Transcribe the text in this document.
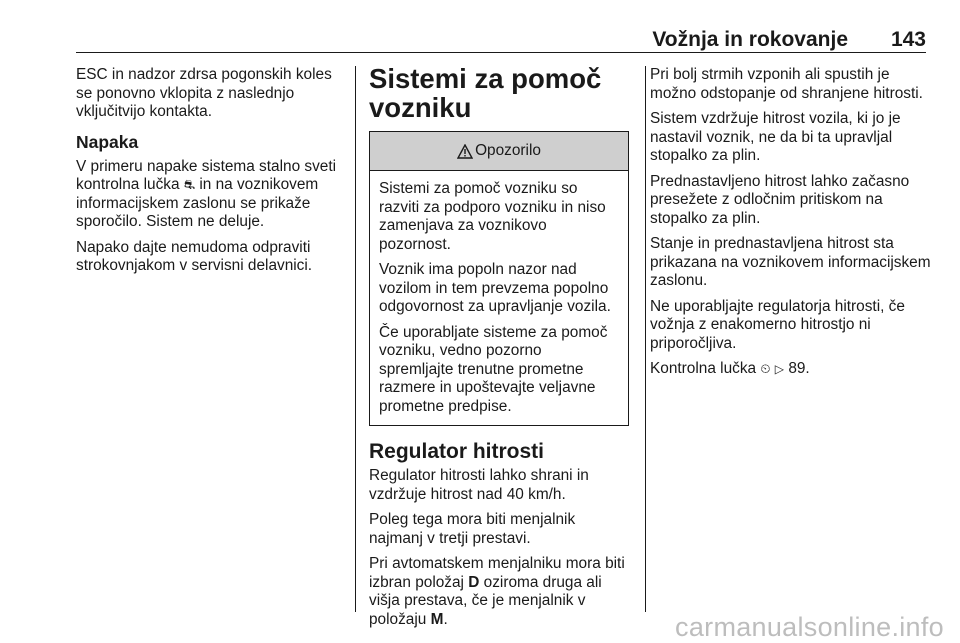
Vožnja in rokovanje 143

ESC in nadzor zdrsa pogonskih koles se ponovno vklopita z naslednjo vključitvijo kontakta.

Napaka

V primeru napake sistema stalno sveti kontrolna lučka ⛐ in na voznikovem informacijskem zaslonu se prikaže sporočilo. Sistem ne deluje.

Napako dajte nemudoma odpraviti strokovnjakom v servisni delavnici.

Sistemi za pomoč vozniku
Opozorilo

Sistemi za pomoč vozniku so razviti za podporo vozniku in niso zamenjava za voznikovo pozornost.

Voznik ima popoln nazor nad vozilom in tem prevzema popolno odgovornost za upravljanje vozila.

Če uporabljate sisteme za pomoč vozniku, vedno pozorno spremljajte trenutne prometne razmere in upoštevajte veljavne prometne predpise.

Regulator hitrosti

Regulator hitrosti lahko shrani in vzdržuje hitrost nad 40 km/h.

Poleg tega mora biti menjalnik najmanj v tretji prestavi.

Pri avtomatskem menjalniku mora biti izbran položaj D oziroma druga ali višja prestava, če je menjalnik v položaju M.

Pri bolj strmih vzponih ali spustih je možno odstopanje od shranjene hitrosti.

Sistem vzdržuje hitrost vozila, ki jo je nastavil voznik, ne da bi ta upravljal stopalko za plin.

Prednastavljeno hitrost lahko začasno presežete z odločnim pritiskom na stopalko za plin.

Stanje in prednastavljena hitrost sta prikazana na voznikovem informacijskem zaslonu.

Ne uporabljajte regulatorja hitrosti, če vožnja z enakomerno hitrostjo ni priporočljiva.

Kontrolna lučka ⏲ ▷ 89.

carmanualsonline.info
